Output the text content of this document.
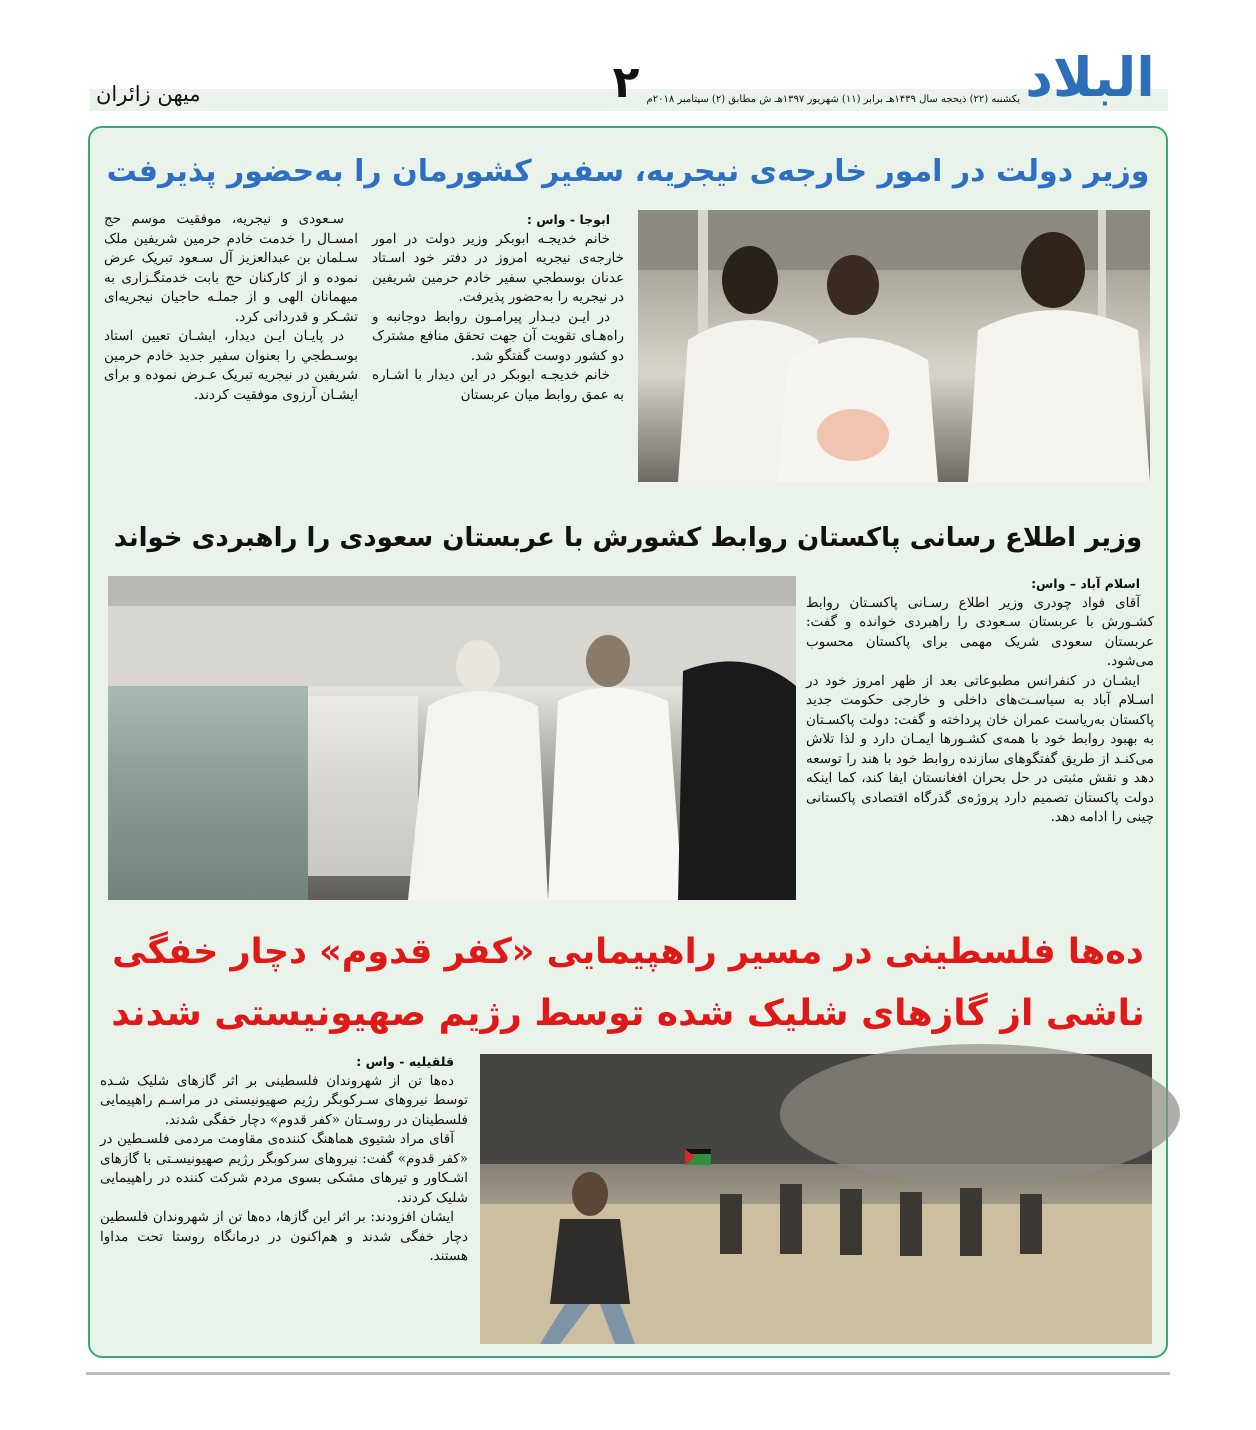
البلاد
يكشنبه (۲۲) ذيحجه سال ۱۴۳۹هـ برابر (۱۱) شهريور ۱۳۹۷هـ ش مطابق (۲) سپتامبر ۲۰۱۸م
۲
ميهن زائران
وزير دولت در امور خارجه‌ی نيجريه، سفير كشورمان را به‌حضور پذيرفت

ابوجا - واس :

خانم خديجـه ابوبكر وزير دولت در امور خارجه‌ی نيجريه امروز در دفتر خود اسـتاد عدنان بوسطجي سفير خادم حرمين شريفين در نيجريه را به‌حضور پذيرفت.

در ايـن ديـدار پيرامـون روابط دوجانبه و راه‌هـای تقويت آن جهت تحقق منافع مشترک دو كشور دوست گفتگو شد.

خانم خديجـه ابوبكر در اين ديدار با اشـاره به عمق روابط ميان عربستان

سـعودی و نيجريه، موفقيت موسم حج امسـال را خدمت خادم حرمين شريفين ملک سـلمان بن عبدالعزيز آل سـعود تبريک عرض نموده و از كاركنان حج بابت خدمتگـزاری به ميهمانان الهی و از جملـه حاجيان نيجريه‌ای تشـكر و قدردانی كرد.

در پايـان ايـن ديدار، ايشـان تعيين استاد بوسـطجي را بعنوان سفير جديد خادم حرمين شريفين در نيجريه تبريک عـرض نموده و برای ايشـان آرزوی موفقيت كردند.

وزير اطلاع رسانی پاكستان روابط كشورش با عربستان سعودی را راهبردی خواند

اسلام آباد – واس:

آقای فواد چودری وزير اطلاع رسـانی پاكسـتان روابط كشـورش با عربستان سـعودی را راهبردی خوانده و گفت: عربستان سعودی شريک مهمی برای پاكستان محسوب می‌شود.

ايشـان در كنفرانس مطبوعاتی بعد از ظهر امروز خود در اسـلام آباد به سياسـت‌های داخلی و خارجی حكومت جديد پاكستان به‌رياست عمران خان پرداخته و گفت: دولت پاكسـتان به بهبود روابط خود با همه‌ی كشـورها ايمـان دارد و لذا تلاش می‌كنـد از طريق گفتگوهای سازنده روابط خود با هند را توسعه دهد و نقش مثبتی در حل بحران افغانستان ايفا كند، كما اينكه دولت پاكستان تصميم دارد پروژه‌ی گذرگاه اقتصادی پاكستانی چينی را ادامه دهد.

ده‌ها فلسطينی در مسير راهپيمايی «كفر قدوم» دچار خفگی
ناشی از گازهای شليک شده توسط رژيم صهيونيستی شدند

قلقيليه - واس :

ده‌ها تن از شهروندان فلسطينی بر اثر گازهای شليک شـده توسط نيروهای سـركوبگر رژيم صهيونيستی در مراسـم راهپيمايی فلسطينان در روسـتان «كفر قدوم» دچار خفگی شدند.

آقای مراد شتيوی هماهنگ كننده‌ی مقاومت مردمی فلسـطين در «كفر قدوم» گفت: نيروهای سركوبگر رژيم صهيونيسـتی با گازهای اشـكاور و تيرهای مشكی بسوی مردم شركت كننده در راهپيمايی شليک كردند.

ايشان افزودند: بر اثر اين گازها، ده‌ها تن از شهروندان فلسطين دچار خفگی شدند و هم‌اكنون در درمانگاه روستا تحت مداوا هستند.
